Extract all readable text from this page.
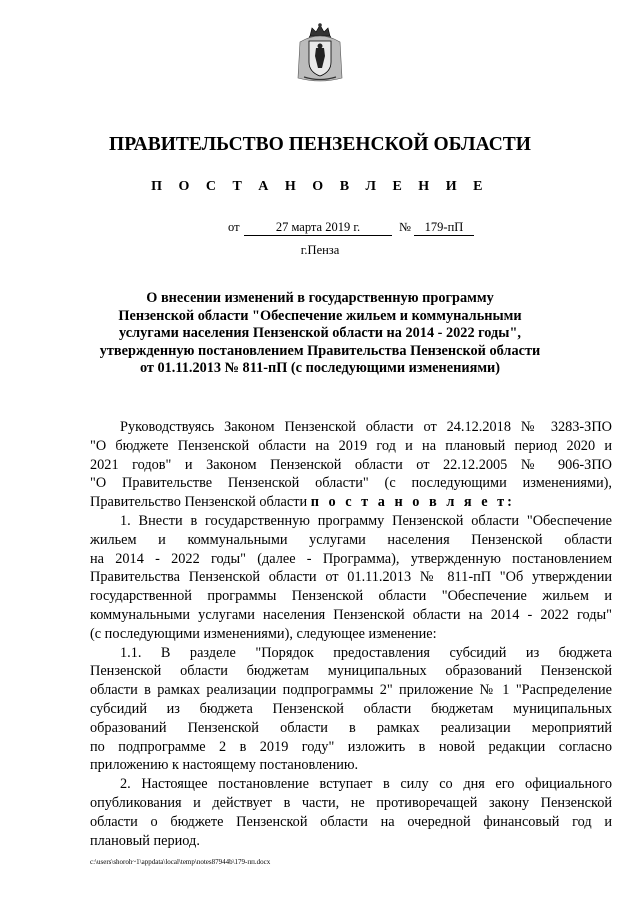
ПРАВИТЕЛЬСТВО ПЕНЗЕНСКОЙ ОБЛАСТИ
П О С Т А Н О В Л Е Н И Е
от	27 марта 2019 г.	№	179-пП
г.Пенза
О внесении изменений в государственную программу
Пензенской области "Обеспечение жильем и коммунальными
услугами населения Пензенской области на 2014 - 2022 годы",
утвержденную постановлением Правительства Пензенской области
от 01.11.2013 № 811-пП (с последующими изменениями)
Руководствуясь Законом Пензенской области от 24.12.2018 № 3283-ЗПО
"О бюджете Пензенской области на 2019 год и на плановый период 2020 и
2021 годов" и Законом Пензенской области от 22.12.2005 № 906-ЗПО
"О Правительстве Пензенской области" (с последующими изменениями),
Правительство Пензенской области п о с т а н о в л я е т:
1. Внести в государственную программу Пензенской области "Обеспечение
жильем и коммунальными услугами населения Пензенской области
на 2014 - 2022 годы" (далее - Программа), утвержденную постановлением
Правительства Пензенской области от 01.11.2013 № 811-пП "Об утверждении
государственной программы Пензенской области "Обеспечение жильем и
коммунальными услугами населения Пензенской области на 2014 - 2022 годы"
(с последующими изменениями), следующее изменение:
1.1. В разделе "Порядок предоставления субсидий из бюджета
Пензенской области бюджетам муниципальных образований Пензенской
области в рамках реализации подпрограммы 2" приложение № 1 "Распределение
субсидий из бюджета Пензенской области бюджетам муниципальных
образований Пензенской области в рамках реализации мероприятий
по подпрограмме 2 в 2019 году" изложить в новой редакции согласно
приложению к настоящему постановлению.
2. Настоящее постановление вступает в силу со дня его официального
опубликования и действует в части, не противоречащей закону Пензенской
области о бюджете Пензенской области на очередной финансовый год и
плановый период.
c:\users\shoroh~1\appdata\local\temp\notes87944b\179-пп.docx
